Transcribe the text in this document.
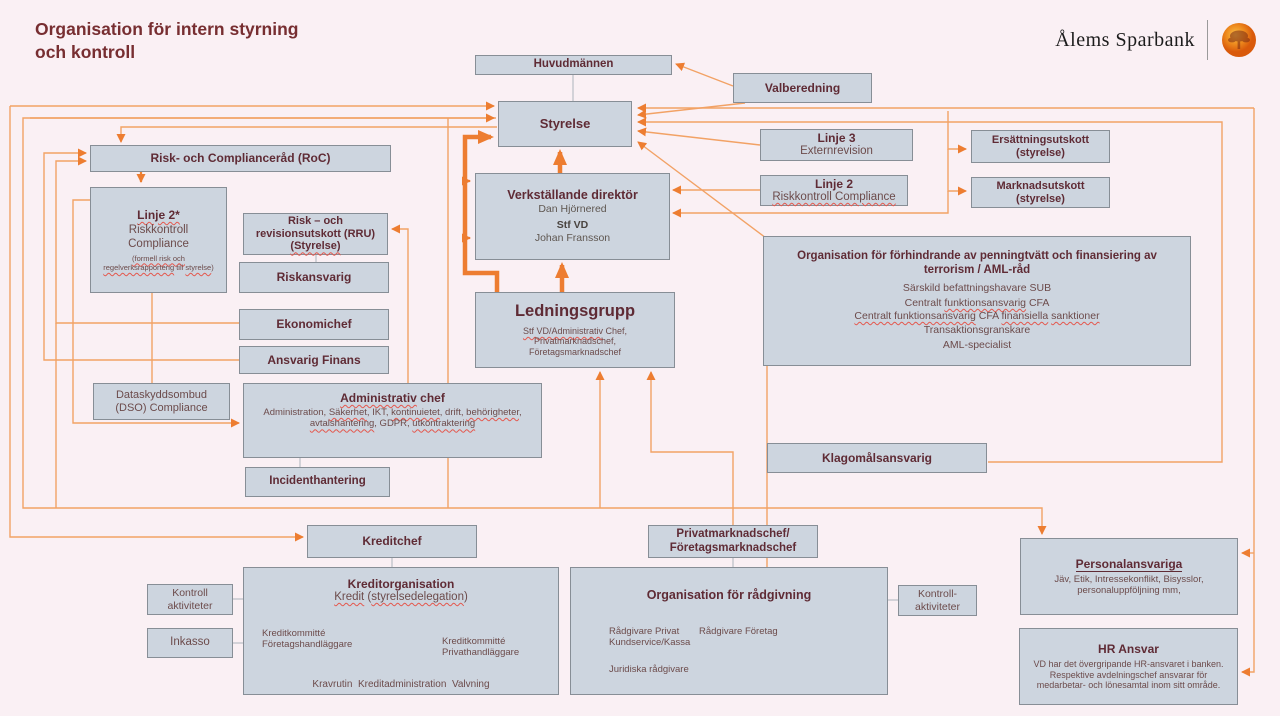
Organisation för intern styrning
och kontroll
Ålems Sparbank
Huvudmännen
Valberedning
Styrelse
Linje 3
Externrevision
Ersättningsutskott
(styrelse)
Linje 2
Riskkontroll Compliance
Marknadsutskott
(styrelse)
Risk- och Complianceråd (RoC)
Verkställande direktör
Dan Hjörnered
Stf VD
Johan Fransson
Linje 2*
Riskkontroll
Compliance
(formell risk och
regelverksrapporterig till styrelse)
Risk – och
revisionsutskott (RRU)
(Styrelse)
Riskansvarig
Ekonomichef
Ansvarig Finans
Ledningsgrupp
Stf VD/Administrativ Chef,
Privatmarknadschef,
Företagsmarknadschef
Organisation för förhindrande av penningtvätt och finansiering av
terrorism / AML-råd
Särskild befattningshavare SUB
Centralt funktionsansvarig CFA
Centralt funktionsansvarig CFA finansiella sanktioner
Transaktionsgranskare
AML-specialist
Dataskyddsombud
(DSO) Compliance
Administrativ chef
Administration, Säkerhet, IKT, kontinuietet, drift, behörigheter,
avtalshantering, GDPR, utkontraktering
Incidenthantering
Klagomålsansvarig
Kreditchef
Privatmarknadschef/
Företagsmarknadschef
Kontroll
aktiviteter
Inkasso
Kreditorganisation
Kredit (styrelsedelegation)
Kreditkommitté
Företagshandläggare	Kreditkommitté
Privathandläggare
Kravrutin Kreditadministration Valvning
Organisation för rådgivning
Rådgivare Privat
Kundservice/Kassa
Rådgivare Företag
Juridiska rådgivare
Kontroll-
aktiviteter
Personalansvariga
Jäv, Etik, Intressekonflikt, Bisysslor,
personaluppföljning mm,
HR Ansvar
VD har det övergripande HR-ansvaret i banken.
Respektive avdelningschef ansvarar för
medarbetar- och lönesamtal inom sitt område.
